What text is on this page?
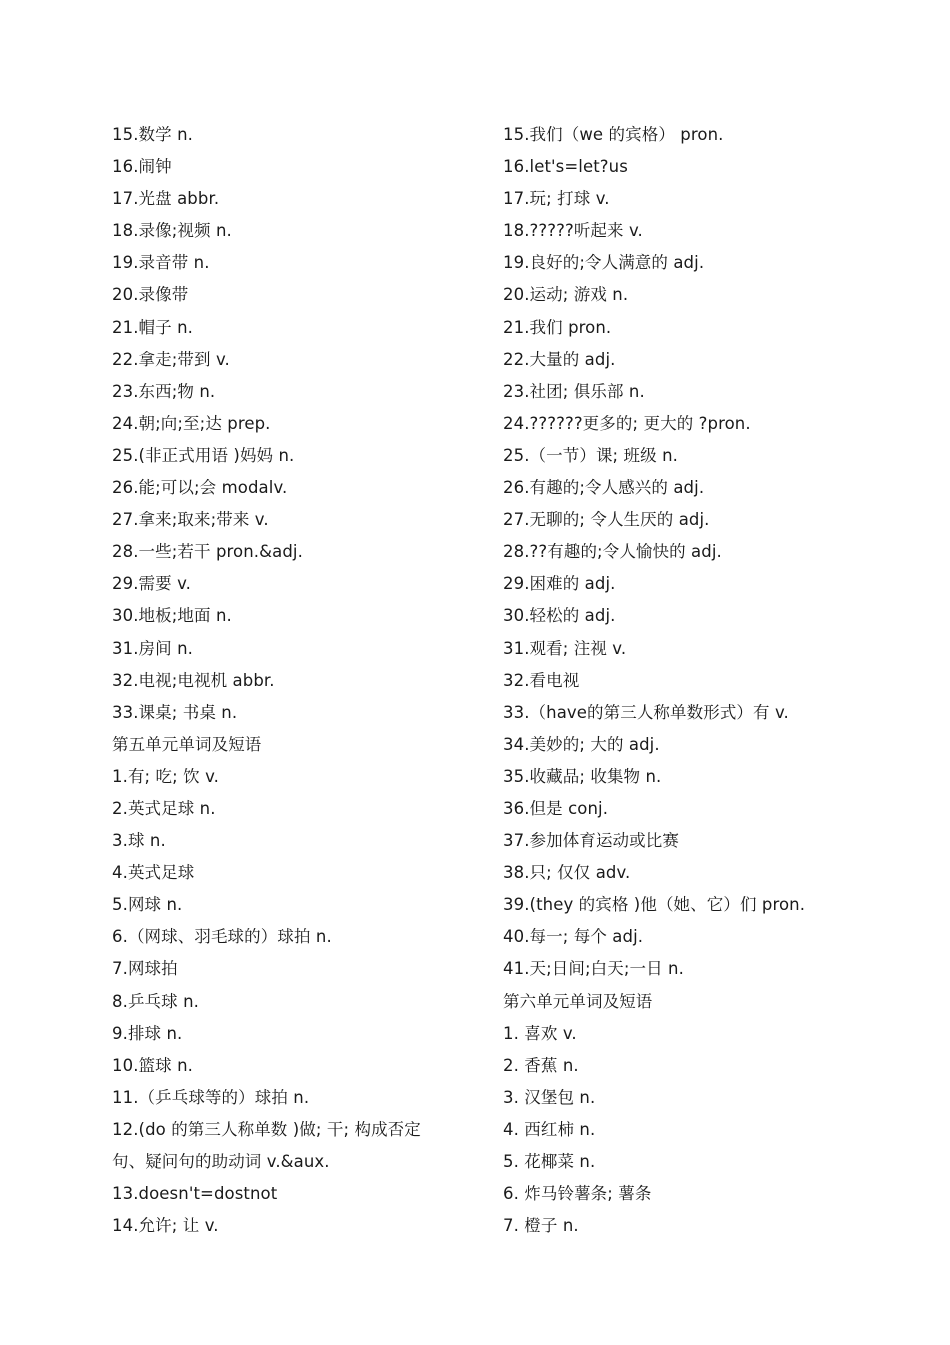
15.数学 n.
16.闹钟
17.光盘 abbr.
18.录像;视频 n.
19.录音带 n.
20.录像带
21.帽子 n.
22.拿走;带到 v.
23.东西;物 n.
24.朝;向;至;达 prep.
25.(非正式用语 )妈妈 n.
26.能;可以;会 modalv.
27.拿来;取来;带来 v.
28.一些;若干 pron.&adj.
29.需要 v.
30.地板;地面 n.
31.房间 n.
32.电视;电视机 abbr.
33.课桌; 书桌 n.
第五单元单词及短语
1.有; 吃; 饮 v.
2.英式足球 n.
3.球 n.
4.英式足球
5.网球 n.
6.（网球、羽毛球的）球拍 n.
7.网球拍
8.乒乓球 n.
9.排球 n.
10.篮球 n.
11.（乒乓球等的）球拍 n.
12.(do 的第三人称单数 )做; 干; 构成否定
句、疑问句的助动词 v.&aux.
13.doesn't=dostnot
14.允许; 让 v.
15.我们（we 的宾格） pron.
16.let's=let?us
17.玩; 打球 v.
18.?????听起来 v.
19.良好的;令人满意的 adj.
20.运动; 游戏 n.
21.我们 pron.
22.大量的 adj.
23.社团; 俱乐部 n.
24.??????更多的; 更大的 ?pron.
25.（一节）课; 班级 n.
26.有趣的;令人感兴的 adj.
27.无聊的; 令人生厌的 adj.
28.??有趣的;令人愉快的 adj.
29.困难的 adj.
30.轻松的 adj.
31.观看; 注视 v.
32.看电视
33.（have的第三人称单数形式）有 v.
34.美妙的; 大的 adj.
35.收藏品; 收集物 n.
36.但是 conj.
37.参加体育运动或比赛
38.只; 仅仅 adv.
39.(they 的宾格 )他（她、它）们 pron.
40.每一; 每个 adj.
41.天;日间;白天;一日 n.
第六单元单词及短语
1. 喜欢 v.
2. 香蕉 n.
3. 汉堡包 n.
4. 西红柿 n.
5. 花椰菜 n.
6. 炸马铃薯条; 薯条
7. 橙子 n.
